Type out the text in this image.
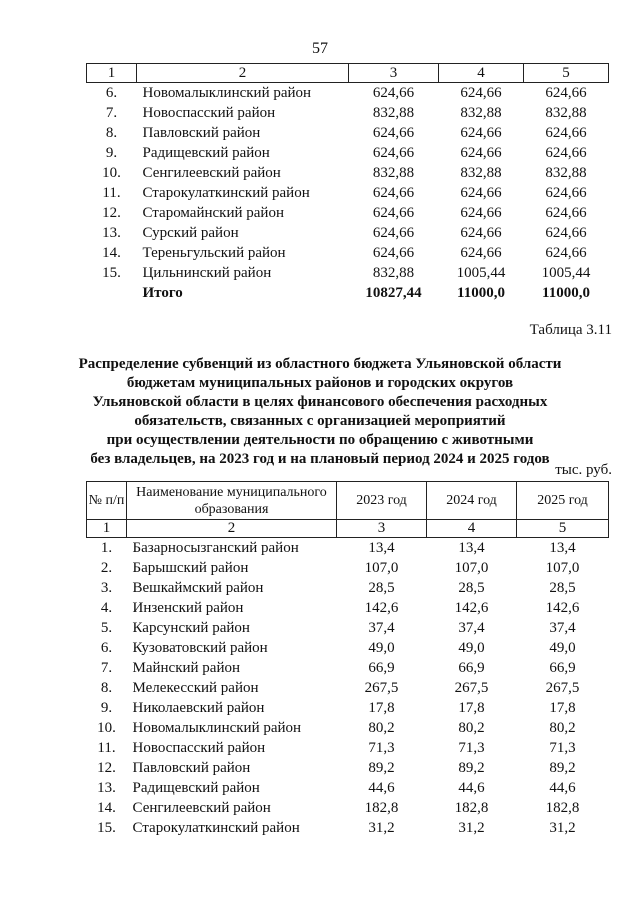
57
1	2	3	4	5
6.	Новомалыклинский район	624,66	624,66	624,66
7.	Новоспасский район	832,88	832,88	832,88
8.	Павловский район	624,66	624,66	624,66
9.	Радищевский район	624,66	624,66	624,66
10.	Сенгилеевский район	832,88	832,88	832,88
11.	Старокулаткинский район	624,66	624,66	624,66
12.	Старомайнский район	624,66	624,66	624,66
13.	Сурский район	624,66	624,66	624,66
14.	Тереньгульский район	624,66	624,66	624,66
15.	Цильнинский район	832,88	1005,44	1005,44
	Итого	10827,44	11000,0	11000,0
Таблица 3.11
Распределение субвенций из областного бюджета Ульяновской области
бюджетам муниципальных районов и городских округов
Ульяновской области в целях финансового обеспечения расходных
обязательств, связанных с организацией мероприятий
при осуществлении деятельности по обращению с животными
без владельцев, на 2023 год и на плановый период 2024 и 2025 годов
тыс. руб.
№ п/п	Наименование муниципального образования	2023 год	2024 год	2025 год
1	2	3	4	5
1.	Базарносызганский район	13,4	13,4	13,4
2.	Барышский район	107,0	107,0	107,0
3.	Вешкаймский район	28,5	28,5	28,5
4.	Инзенский район	142,6	142,6	142,6
5.	Карсунский район	37,4	37,4	37,4
6.	Кузоватовский район	49,0	49,0	49,0
7.	Майнский район	66,9	66,9	66,9
8.	Мелекесский район	267,5	267,5	267,5
9.	Николаевский район	17,8	17,8	17,8
10.	Новомалыклинский район	80,2	80,2	80,2
11.	Новоспасский район	71,3	71,3	71,3
12.	Павловский район	89,2	89,2	89,2
13.	Радищевский район	44,6	44,6	44,6
14.	Сенгилеевский район	182,8	182,8	182,8
15.	Старокулаткинский район	31,2	31,2	31,2
